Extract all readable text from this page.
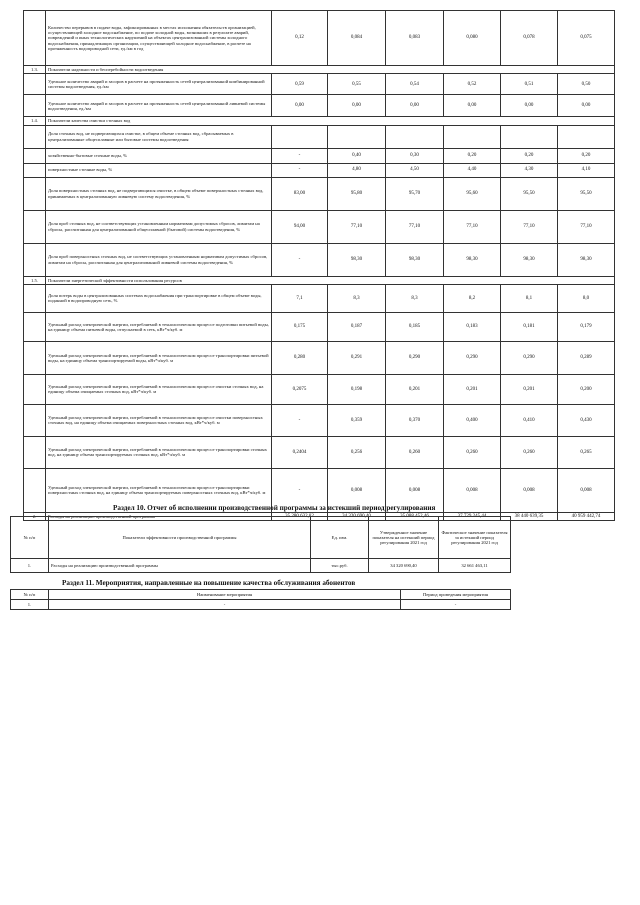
	Количество перерывов в подаче воды, зафиксированных в местах исполнения обязательств организацией, осуществляющей холодное водоснабжение, по подаче холодной воды, возникших в результате аварий, повреждений и иных технологических нарушений на объектах централизованной системы холодного водоснабжения, принадлежащих организации, осуществляющей холодное водоснабжение, в расчете на протяженность водопроводной сети, ед./км в год	0,12	0,084	0,083	0,080	0,078	0,075
1.3.	Показатели надежности и бесперебойности водоотведения						
	Удельное количество аварий и засоров в расчете на протяженность сетей централизованной комбинированной системы водоотведения, ед./км	0,59	0,55	0,54	0,52	0,51	0,50
	Удельное количество аварий и засоров в расчете на протяженность сетей централизованной ливневой системы водоотведения, ед./км	0,00	0,00	0,00	0,00	0,00	0,00
1.4.	Показатели качества очистки сточных вод						
	Доля сточных вод, не подвергающихся очистке, в общем объеме сточных вод, сбрасываемых в централизованные общесплавные или бытовые системы водоотведения						
	хозяйственно-бытовые сточные воды, %	-	0,40	0,30	0,20	0,20	0,20
	поверхностные сточные воды, %	-	4,80	4,50	4,40	4,30	4,10
	Доля поверхностных сточных вод, не подвергающихся очистке, в общем объеме поверхностных сточных вод, принимаемых в централизованную ливневую систему водоотведения, %	83,00	95,80	95,70	95,60	95,50	95,50
	Доля проб сточных вод, не соответствующих установленным нормативам допустимых сбросов, лимитам на сбросы, рассчитанная для централизованной общесплавной (бытовой) системы водоотведения, %	94,00	77,10	77,10	77,10	77,10	77,10
	Доля проб поверхностных сточных вод, не соответствующих установленным нормативам допустимых сбросов, лимитам на сбросы, рассчитанная для централизованной ливневой системы водоотведения, %	-	98,30	98,30	98,30	98,30	98,30
1.5.	Показатели энергетической эффективности использования ресурсов						
	Доля потерь воды в централизованных системах водоснабжения при транспортировке в общем объеме воды, поданной в водопроводную сеть, %	7,1	8,3	8,3	8,2	8,1	8,0
	Удельный расход электрической энергии, потребляемой в технологическом процессе подготовки питьевой воды, на единицу объема питьевой воды, отпускаемой в сеть, кВт*ч/куб. м	0,175	0,187	0,185	0,183	0,181	0,179
	Удельный расход электрической энергии, потребляемой в технологическом процессе транспортировки питьевой воды, на единицу объема транспортируемой воды, кВт*ч/куб. м	0,280	0,291	0,290	0,290	0,290	0,289
	Удельный расход электрической энергии, потребляемой в технологическом процессе очистки сточных вод, на единицу объема очищаемых сточных вод, кВт*ч/куб. м	0,2075	0,198	0,201	0,201	0,201	0,200
	Удельный расход электрической энергии, потребляемой в технологическом процессе очистки поверхностных сточных вод, на единицу объема очищаемых поверхностных сточных вод, кВт*ч/куб. м	-	0,359	0,370	0,400	0,410	0,430
	Удельный расход электрической энергии, потребляемой в технологическом процессе транспортировки сточных вод, на единицу объема транспортируемых сточных вод, кВт*ч/куб. м	0,2404	0,256	0,260	0,260	0,260	0,265
	Удельный расход электрической энергии, потребляемой в технологическом процессе транспортировки поверхностных сточных вод, на единицу объема транспортируемых поверхностных сточных вод, кВт*ч/куб. м	-	0,008	0,008	0,008	0,008	0,008
2.	Расходы на реализацию производственной программы	35 280 632,82	34 320 690,40	35 088 452,46	37 729 245,44	38 440 639,35	40 959 442,74
Раздел 10. Отчет об исполнении производственной программы за истекший период регулирования
№ п/п	Показатели эффективности производственной программы	Ед. изм.	Утвержденное значение показателя на истекший период регулирования 2021 год	Фактическое значение показателя за истекший период регулирования 2021 год
1.	Расходы на реализацию производственной программы	тыс.руб.	34 320 690,40	32 661 463,11
Раздел 11. Мероприятия, направленные на повышение качества обслуживания абонентов
№ п/п	Наименование мероприятия	Период проведения мероприятия
1.	-	-
